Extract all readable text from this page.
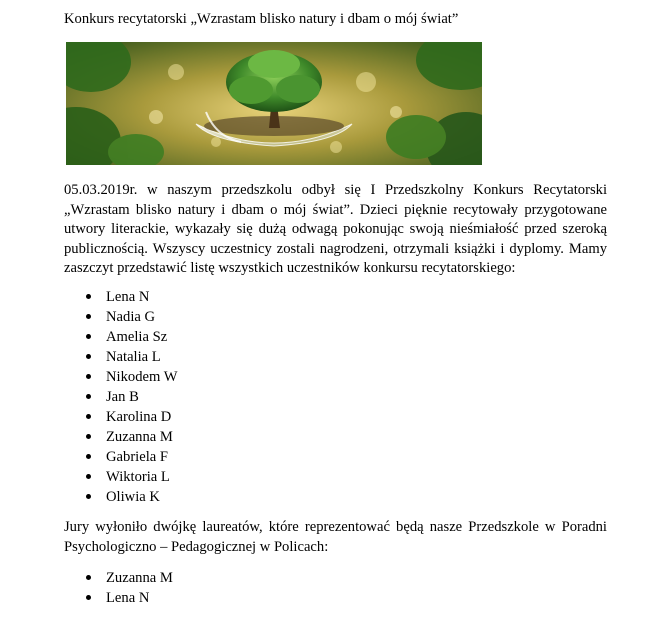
Konkurs recytatorski „Wzrastam blisko natury i dbam o mój świat”
05.03.2019r. w naszym przedszkolu odbył się I Przedszkolny Konkurs Recytatorski „Wzrastam blisko natury i dbam o mój świat”. Dzieci pięknie recytowały przygotowane utwory literackie, wykazały się dużą odwagą pokonując swoją nieśmiałość przed szeroką publicznością. Wszyscy uczestnicy zostali nagrodzeni, otrzymali książki i dyplomy. Mamy zaszczyt przedstawić listę wszystkich uczestników konkursu recytatorskiego:
Lena N
Nadia G
Amelia Sz
Natalia L
Nikodem W
Jan B
Karolina D
Zuzanna M
Gabriela F
Wiktoria L
Oliwia K
Jury wyłoniło dwójkę laureatów, które reprezentować będą nasze Przedszkole w Poradni Psychologiczno – Pedagogicznej w Policach:
Zuzanna M
Lena N
